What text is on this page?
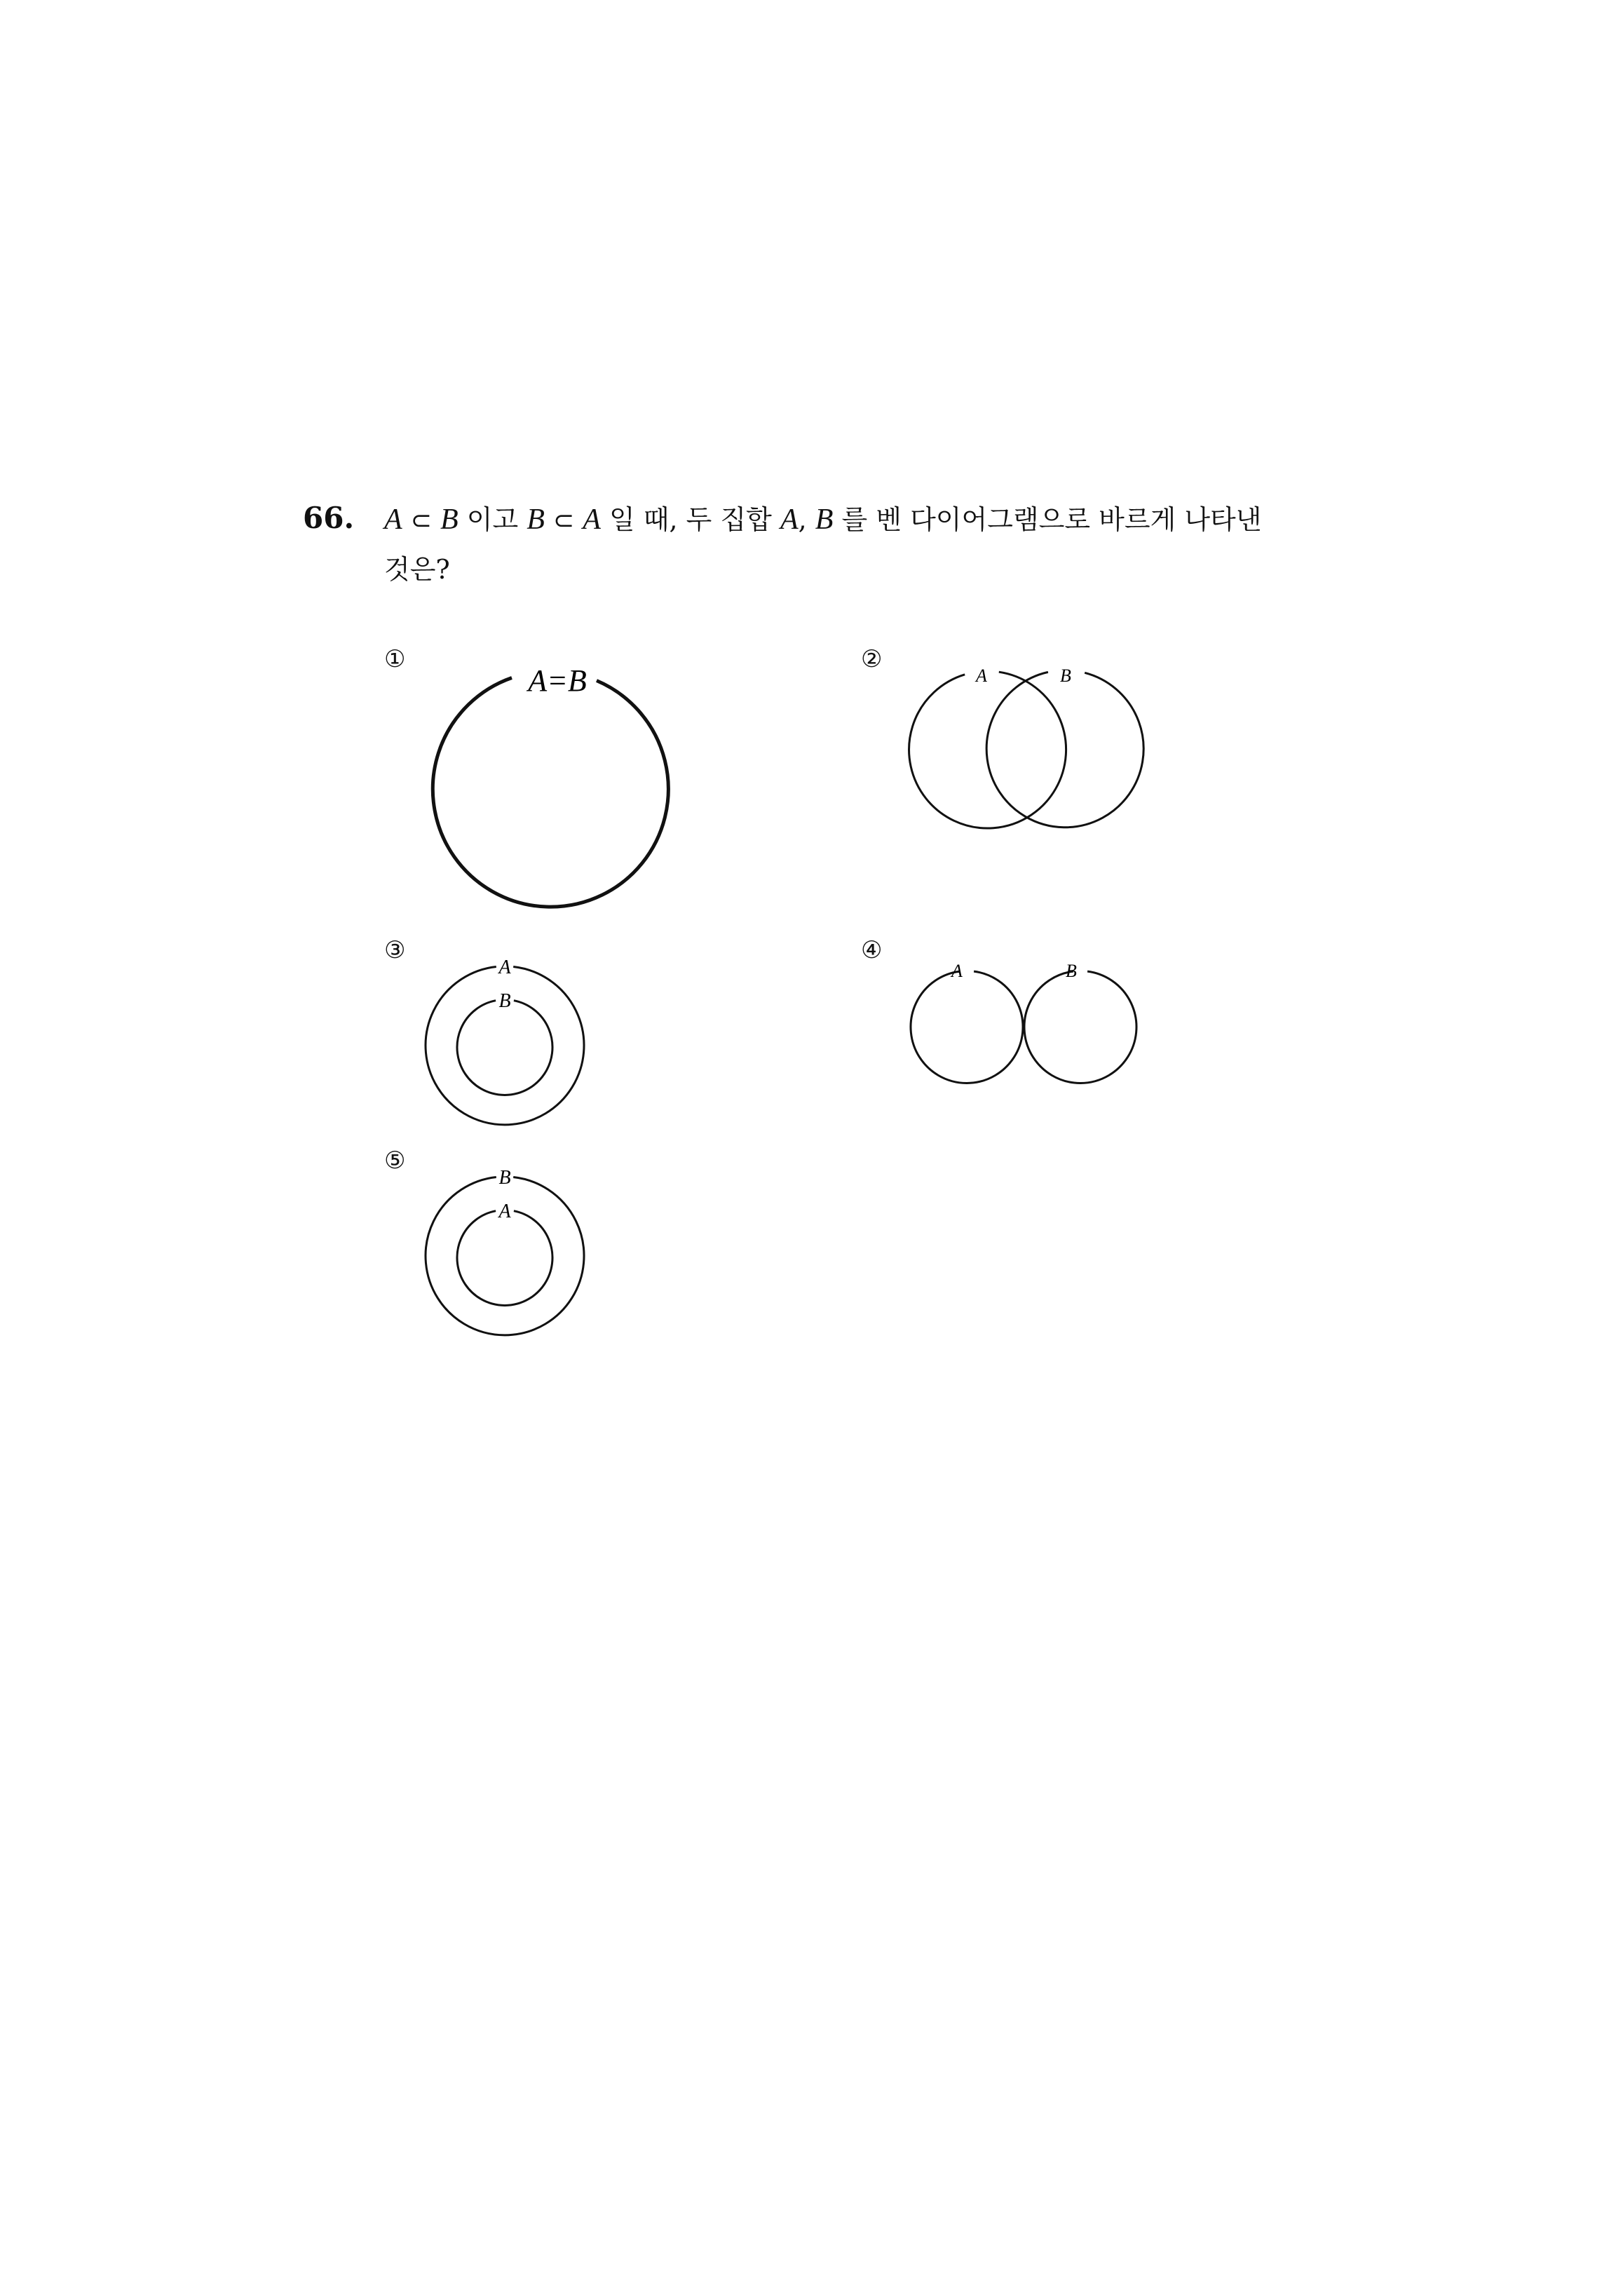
66. A ⊂ B 이고 B ⊂ A 일 때, 두 집합 A, B 를 벤 다이어그램으로 바르게 나타낸
것은?
①
A=B
②
A	B
③
A
B
④
A	B
⑤
B
A
